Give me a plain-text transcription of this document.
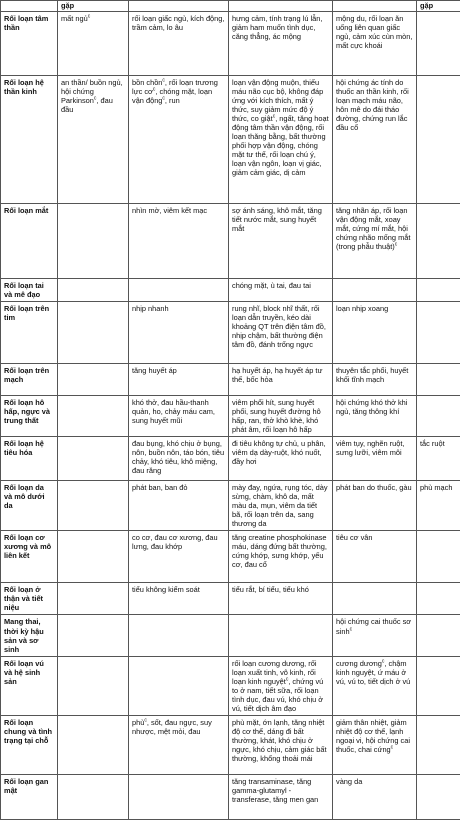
	gặp				gặp
Rối loạn tâm thần	mất ngủ$^c$	rối loạn giấc ngủ, kích động, trầm cảm, lo âu	hưng cảm, tính trạng lú lẫn, giảm ham muốn tình dục, căng thẳng, ác mộng	mộng du, rối loạn ăn uống liên quan giấc ngủ, cảm xúc cùn mòn, mất cực khoái	
Rối loạn hệ thần kinh	an thần/ buồn ngủ, hội chứng Parkinson$^c$, đau đầu	bồn chồn$^c$, rối loạn trương lực $cơ^c$, chóng mặt, loạn vận động$^c$, run	loạn vận động muộn, thiếu máu não cục bộ, không đáp ứng với kích thích, mất ý thức, suy giảm mức độ ý thức, co giật$^c$, ngất, tăng hoạt động tâm thần vận động, rối loạn thăng bằng, bất thường phối hợp vận động, chóng mặt tư thế, rối loạn chú ý, loạn vận ngôn, loạn vị giác, giảm cảm giác, dị cảm	hội chứng ác tính do thuốc an thần kinh, rối loạn mạch máu não, hôn mê do đái tháo đường, chứng run lắc đầu cổ	
Rối loạn mắt		nhìn mờ, viêm kết mạc	sợ ánh sáng, khô mắt, tăng tiết nước mắt, sung huyết mắt	tăng nhãn áp, rối loạn vận động mắt, xoay mắt, cứng mí mắt, hội chứng nhão mống mắt (trong phẫu thuật)$^c$	
Rối loạn tai và mê đạo			chóng mặt, ù tai, đau tai		
Rối loạn trên tim		nhịp nhanh	rung nhĩ, block nhĩ thất, rối loạn dẫn truyền, kéo dài khoảng QT trên điện tâm đồ, nhịp chậm, bất thường điện tâm đồ, đánh trống ngực	loạn nhịp xoang	
Rối loạn trên mạch		tăng huyết áp	hạ huyết áp, hạ huyết áp tư thế, bốc hỏa	thuyên tắc phổi, huyết khối tĩnh mạch	
Rối loạn hô hấp, ngực và trung thất		khó thở, đau hầu-thanh quản, ho, chảy máu cam, sung huyết mũi	viêm phổi hít, sung huyết phổi, sung huyết đường hô hấp, ran, thở khò khè, khó phát âm, rối loạn hô hấp	hội chứng khó thở khi ngủ, tăng thông khí	
Rối loạn hệ tiêu hóa		đau bụng, khó chịu ở bụng, nôn, buồn nôn, táo bón, tiêu chảy, khó tiêu, khô miệng, đau răng	đi tiêu không tự chủ, u phân, viêm dạ dày-ruột, khó nuốt, đầy hơi	viêm tụy, nghẽn ruột, sưng lưỡi, viêm môi	tắc ruột
Rối loạn da và mô dưới da		phát ban, ban đỏ	mày đay, ngứa, rụng tóc, dày sừng, chàm, khô da, mất màu da, mụn, viêm da tiết bã, rối loạn trên da, sang thương da	phát ban do thuốc, gàu	phù mạch
Rối loạn cơ xương và mô liên kết		co cơ, đau cơ xương, đau lưng, đau khớp	tăng creatine phosphokinase máu, dáng đứng bất thường, cứng khớp, sưng khớp, yếu cơ, đau cổ	tiêu cơ vân	
Rối loạn ở thận và tiết niệu		tiểu không kiểm soát	tiểu rắt, bí tiểu, tiểu khó		
Mang thai, thời kỳ hậu sản và sơ sinh				hội chứng cai thuốc sơ $\sinh^c$	
Rối loạn vú và hệ sinh sản			rối loạn cương dương, rối loạn xuất tinh, vô kinh, rối loạn kinh nguyệt$^c$, chứng vú to ở nam, tiết sữa, rối loạn tình dục, đau vú, khó chịu ở vú, tiết dịch âm đạo	cương dương$^c$, chậm kinh nguyệt, ứ máu ở vú, vú to, tiết dịch ở vú	
Rối loạn chung và tình trạng tại chỗ		phù$^c$, sốt, đau ngực, suy nhược, mệt mỏi, đau	phù mặt, ớn lạnh, tăng nhiệt độ cơ thể, dáng đi bất thường, khát, khó chịu ở ngực, khó chịu, cảm giác bất thường, khổng thoải mái	giảm thân nhiệt, giảm nhiệt độ cơ thể, lạnh ngoại vi, hội chứng cai thuốc, chai cứng$^c$	
Rối loạn gan mật			tăng transaminase, tăng gamma-glutamyl -transferase, tăng men gan	vàng da	
